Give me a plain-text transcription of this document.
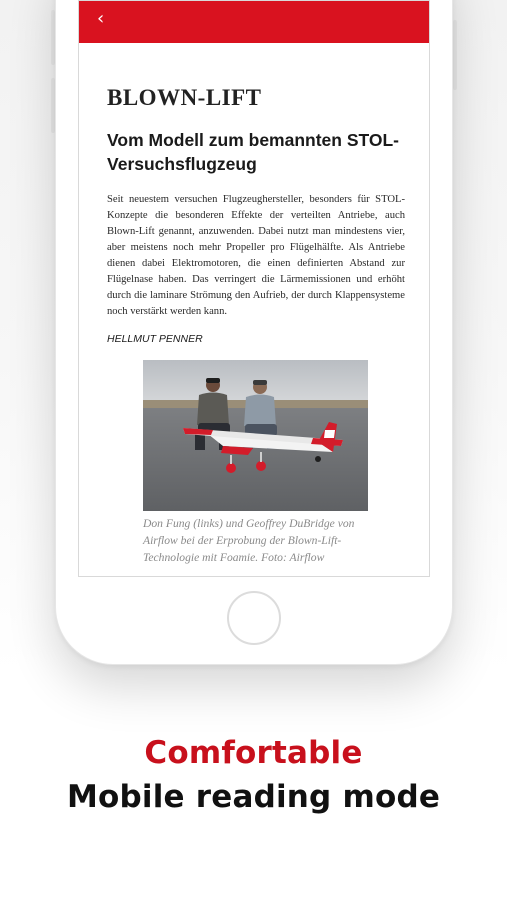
‹
BLOWN-LIFT
Vom Modell zum bemannten STOL-Versuchsflugzeug
Seit neuestem versuchen Flugzeughersteller, besonders für STOL-Konzepte die besonderen Effekte der verteilten Antriebe, auch Blown-Lift genannt, anzuwenden. Dabei nutzt man mindestens vier, aber meistens noch mehr Propeller pro Flügelhälfte. Als Antriebe dienen dabei Elektromotoren, die einen definierten Abstand zur Flügelnase haben. Das verringert die Lärmemissionen und erhöht durch die laminare Strömung den Aufrieb, der durch Klappensysteme noch verstärkt werden kann.
HELLMUT PENNER
Don Fung (links) und Geoffrey DuBridge von Airflow bei der Erprobung der Blown-Lift-Technologie mit Foamie. Foto: Airflow
Comfortable
Mobile reading mode
